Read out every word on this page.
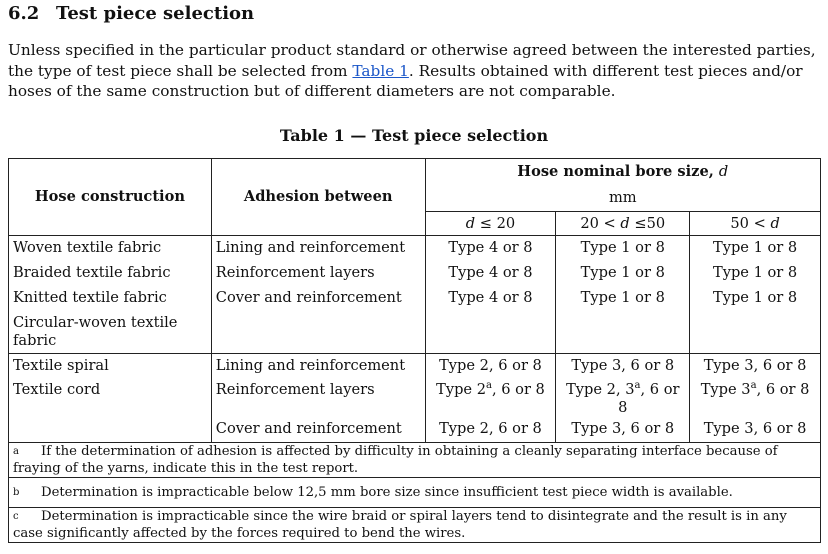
6.2 Test piece selection
Unless specified in the particular product standard or otherwise agreed between the interested parties, the type of test piece shall be selected from Table 1. Results obtained with different test pieces and/or hoses of the same construction but of different diameters are not comparable.
Table 1 — Test piece selection
Hose construction	Adhesion between	Hose nominal bore size, d		
		mm		
		d ≤ 20	20 < d ≤50	50 < d
Woven textile fabric	Lining and reinforcement	Type 4 or 8	Type 1 or 8	Type 1 or 8
Braided textile fabric	Reinforcement layers	Type 4 or 8	Type 1 or 8	Type 1 or 8
Knitted textile fabric	Cover and reinforcement	Type 4 or 8	Type 1 or 8	Type 1 or 8
Circular-woven textile fabric				
Textile spiral	Lining and reinforcement	Type 2, 6 or 8	Type 3, 6 or 8	Type 3, 6 or 8
Textile cord	Reinforcement layers	Type 2$^a$, 6 or 8	Type 2, 3$^a$, 6 or 8	Type 3$^a$, 6 or 8
	Cover and reinforcement	Type 2, 6 or 8	Type 3, 6 or 8	Type 3, 6 or 8
a If the determination of adhesion is affected by difficulty in obtaining a cleanly separating interface because of fraying of the yarns, indicate this in the test report.				
b Determination is impracticable below 12,5 mm bore size since insufficient test piece width is available.				
c Determination is impracticable since the wire braid or spiral layers tend to disintegrate and the result is in any case significantly affected by the forces required to bend the wires.				
